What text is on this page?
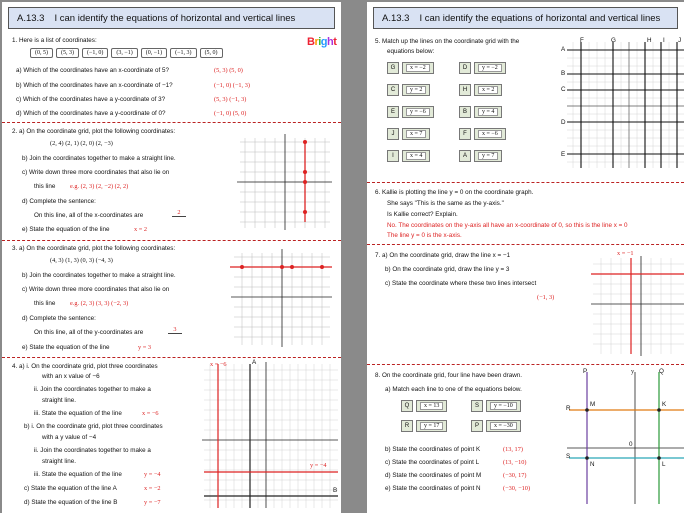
A.13.3	I can identify the equations of horizontal and vertical lines
1. Here is a list of coordinates:	Bright
(0, 5)	(5, 3)	(−1, 0)	(3, −1)	(0, −1)	(−1, 3)	(5, 0)
a) Which of the coordinates have an x-coordinate of 5?	(5, 3) (5, 0)
b) Which of the coordinates have an x-coordinate of −1?	(−1, 0) (−1, 3)
c) Which of the coordinates have a y-coordinate of 3?	(5, 3) (−1, 3)
d) Which of the coordinates have a y-coordinate of 0?	(−1, 0) (5, 0)
2. a) On the coordinate grid, plot the following coordinates:
(2, 4) (2, 1) (2, 0) (2, −3)
b) Join the coordinates together to make a straight line.
c) Write down three more coordinates that also lie on
this line e.g. (2, 3) (2, −2) (2, 2)
d) Complete the sentence:
On this line, all of the x-coordinates are	2
e) State the equation of the line	x = 2
3. a) On the coordinate grid, plot the following coordinates:
(4, 3) (1, 3) (0, 3) (−4, 3)
b) Join the coordinates together to make a straight line.
c) Write down three more coordinates that also lie on
this line e.g. (2, 3) (3, 3) (−2, 3)
d) Complete the sentence:
On this line, all of the y-coordinates are	3
e) State the equation of the line	y = 3
4. a) i. On the coordinate grid, plot three coordinates
with an x value of −6
ii. Join the coordinates together to make a
straight line.
iii. State the equation of the line	x = −6
b) i. On the coordinate grid, plot three coordinates
with a y value of −4
ii. Join the coordinates together to make a
straight line.
iii. State the equation of the line	y = −4
c) State the equation of the line A	x = −2
d) State the equation of the line B	y = −7
x = −6
y = −4
A
B
A.13.3	I can identify the equations of horizontal and vertical lines
5. Match up the lines on the coordinate grid with the
equations below:
G	x = −2	D	y = −2
C	y = 2	H	x = 2
E	y = −6	B	y = 4
J	x = 7	F	x = −6
I	x = 4	A	y = 7
F	G	H I J
A
B
C
D
E
6. Kallie is plotting the line y = 0 on the coordinate graph.
She says "This is the same as the y-axis."
Is Kallie correct? Explain.
No. The coordinates on the y-axis all have an x-coordinate of 0, so this is the line x = 0
The line y = 0 is the x-axis.
7. a) On the coordinate grid, draw the line x = −1
b) On the coordinate grid, draw the line y = 3
c) State the coordinate where these two lines intersect
(−1, 3)
x = −1
8. On the coordinate grid, four line have been drawn.
a) Match each line to one of the equations below.
Q	x = 13	S	y = −10
R	y = 17	P	x = −30
b) State the coordinates of point K	(13, 17)
c) State the coordinates of point L	(13, −10)
d) State the coordinates of point M	(−30, 17)
e) State the coordinates of point N	(−30, −10)
P	Q
R
S
M	K
N	L
0
y
